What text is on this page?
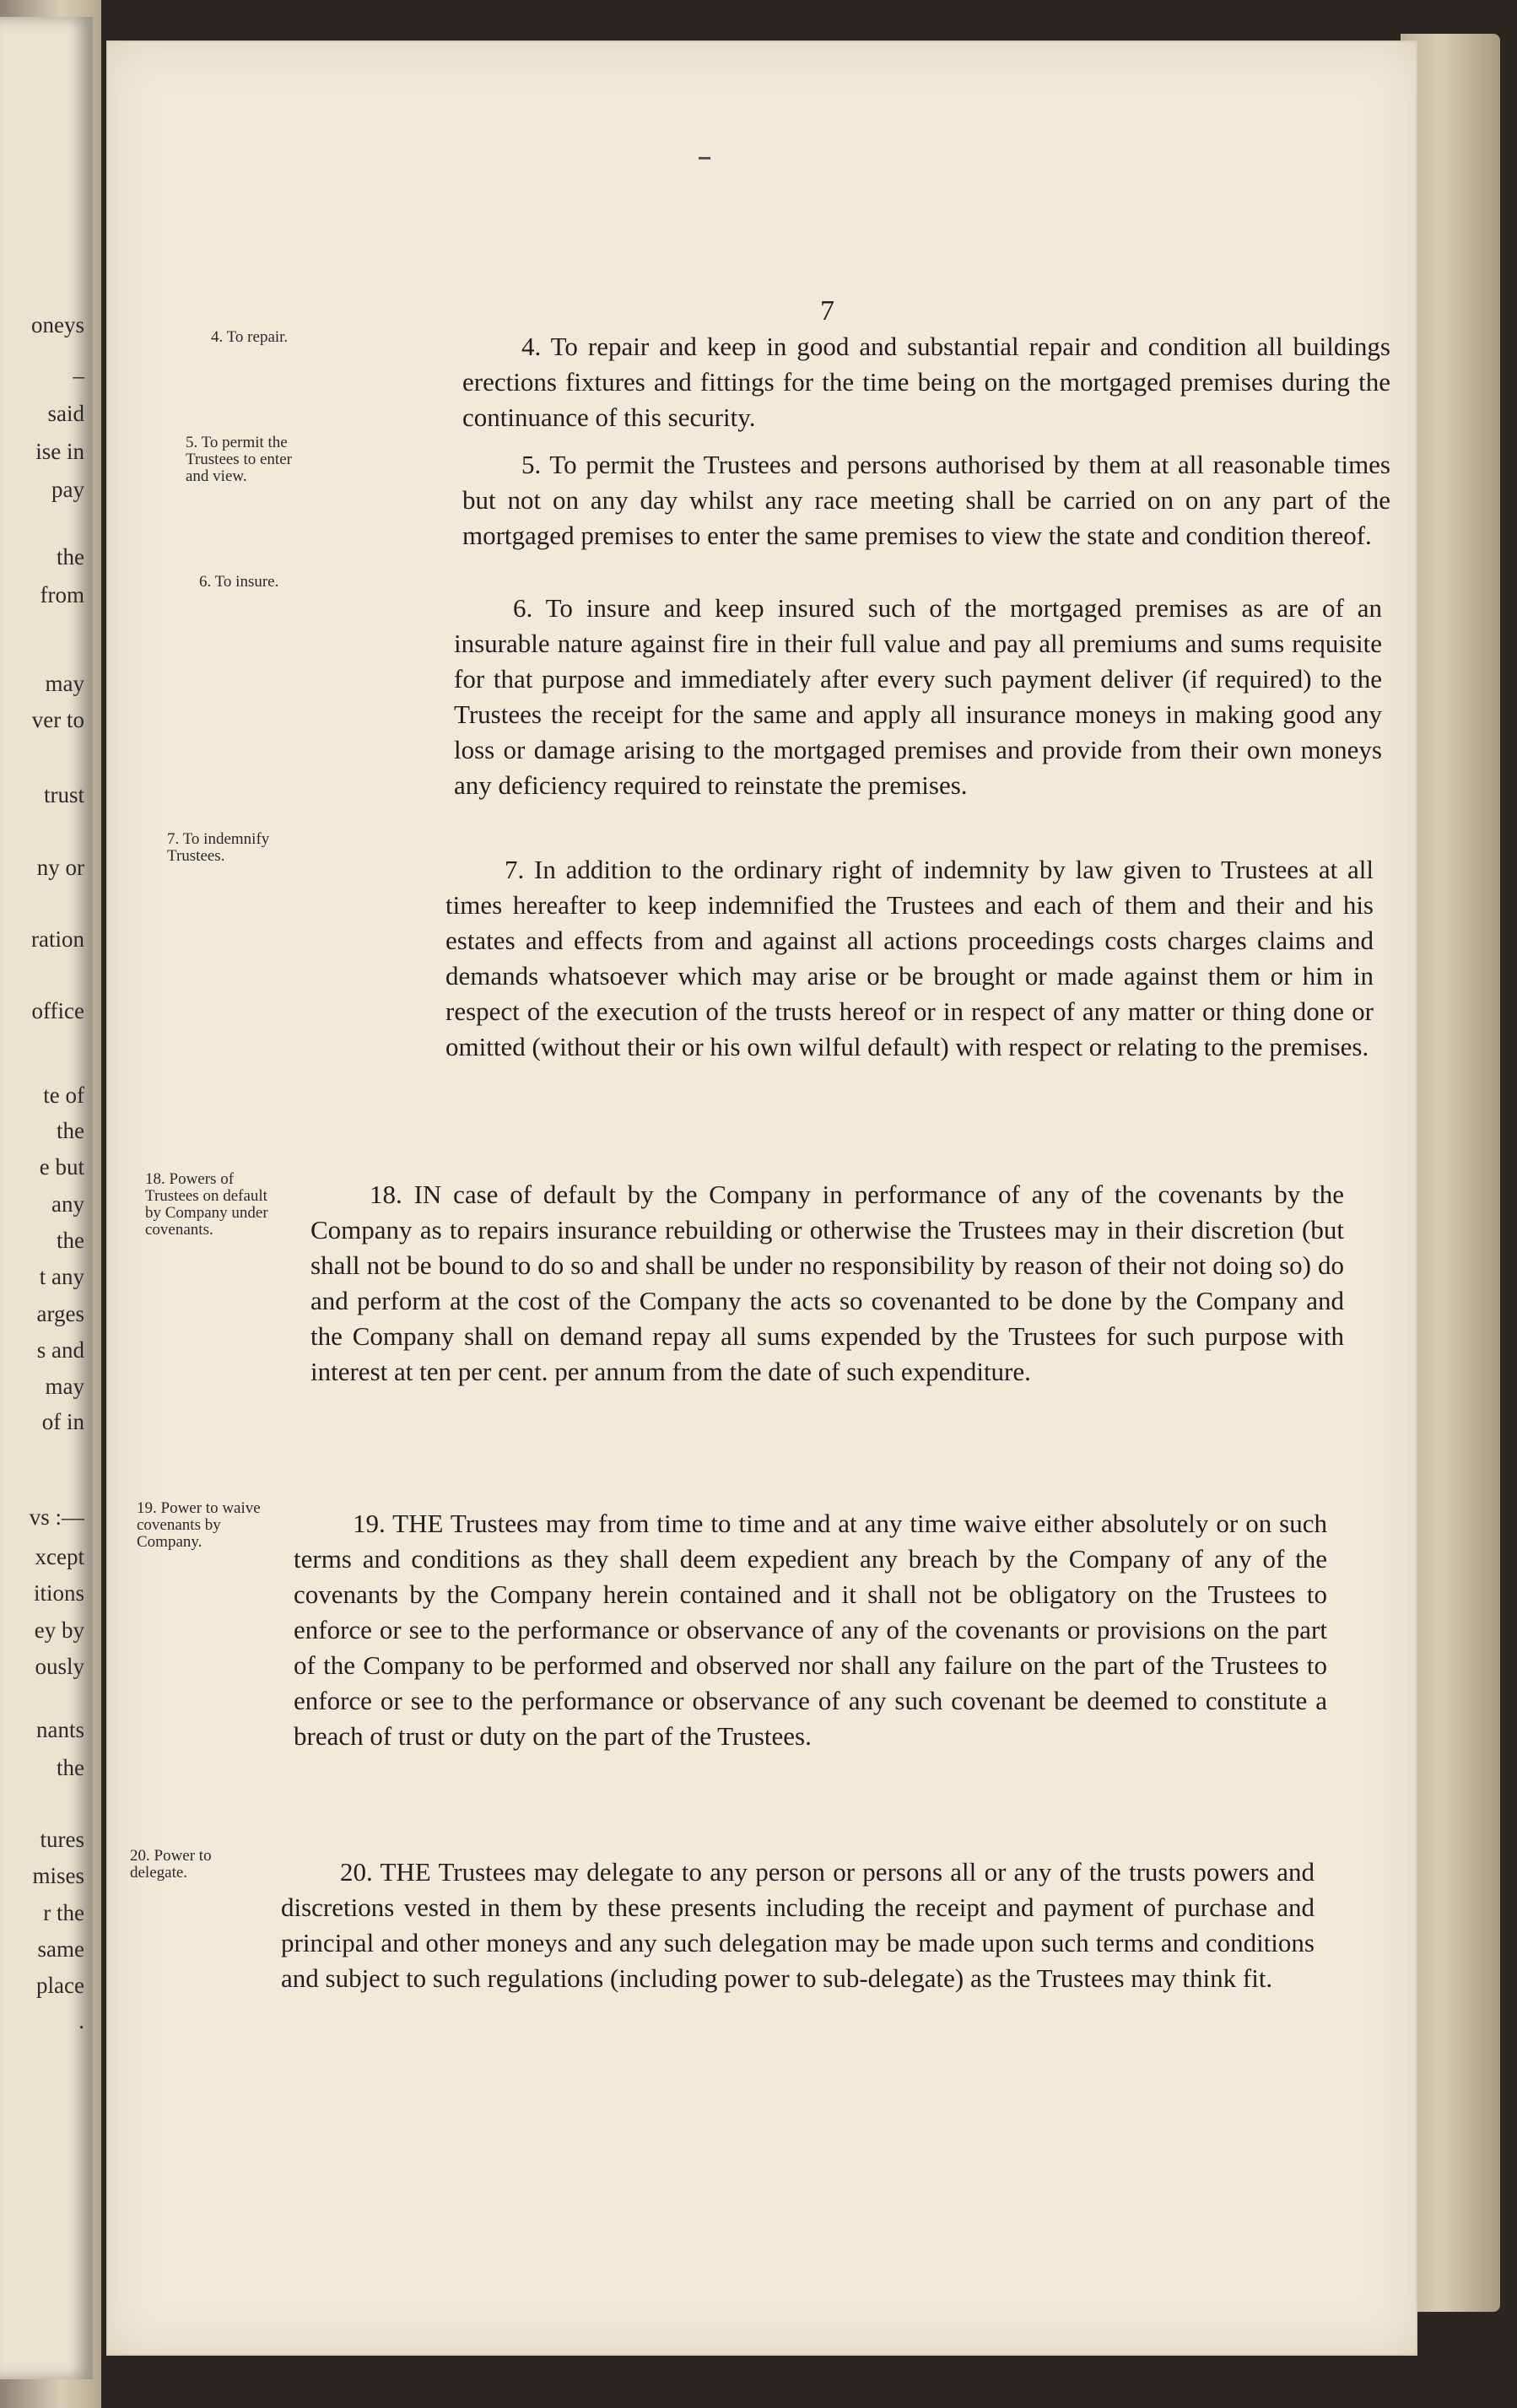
oneys
–
said
ise in
pay
the
from
may
ver to
trust
ny or
ration
office
te of
the
e but
any
the
t any
arges
s and
may
of in
vs :—
xcept
itions
ey by
ously
nants
the
tures
mises
r the
same
place
.
7
4. To repair.
5. To permit the Trustees to enter and view.
6. To insure.
7. To indemnify Trustees.
18. Powers of Trustees on default by Company under covenants.
19. Power to waive covenants by Company.
20. Power to delegate.
4. To repair and keep in good and substantial repair and condition all buildings erections fixtures and fittings for the time being on the mortgaged premises during the continuance of this security.
5. To permit the Trustees and persons authorised by them at all reasonable times but not on any day whilst any race meeting shall be carried on on any part of the mortgaged premises to enter the same premises to view the state and condition thereof.
6. To insure and keep insured such of the mortgaged premises as are of an insurable nature against fire in their full value and pay all premiums and sums requisite for that purpose and immediately after every such payment deliver (if required) to the Trustees the receipt for the same and apply all insurance moneys in making good any loss or damage arising to the mortgaged premises and provide from their own moneys any deficiency required to reinstate the premises.
7. In addition to the ordinary right of indemnity by law given to Trustees at all times hereafter to keep indemnified the Trustees and each of them and their and his estates and effects from and against all actions proceedings costs charges claims and demands whatsoever which may arise or be brought or made against them or him in respect of the execution of the trusts hereof or in respect of any matter or thing done or omitted (without their or his own wilful default) with respect or relating to the premises.
18. IN case of default by the Company in performance of any of the covenants by the Company as to repairs insurance rebuilding or otherwise the Trustees may in their discretion (but shall not be bound to do so and shall be under no responsibility by reason of their not doing so) do and perform at the cost of the Company the acts so covenanted to be done by the Company and the Company shall on demand repay all sums expended by the Trustees for such purpose with interest at ten per cent. per annum from the date of such expenditure.
19. THE Trustees may from time to time and at any time waive either absolutely or on such terms and conditions as they shall deem expedient any breach by the Company of any of the covenants by the Company herein contained and it shall not be obligatory on the Trustees to enforce or see to the performance or observance of any of the covenants or provisions on the part of the Company to be performed and observed nor shall any failure on the part of the Trustees to enforce or see to the performance or observance of any such covenant be deemed to constitute a breach of trust or duty on the part of the Trustees.
20. THE Trustees may delegate to any person or persons all or any of the trusts powers and discretions vested in them by these presents including the receipt and payment of purchase and principal and other moneys and any such delegation may be made upon such terms and conditions and subject to such regulations (including power to sub-delegate) as the Trustees may think fit.
